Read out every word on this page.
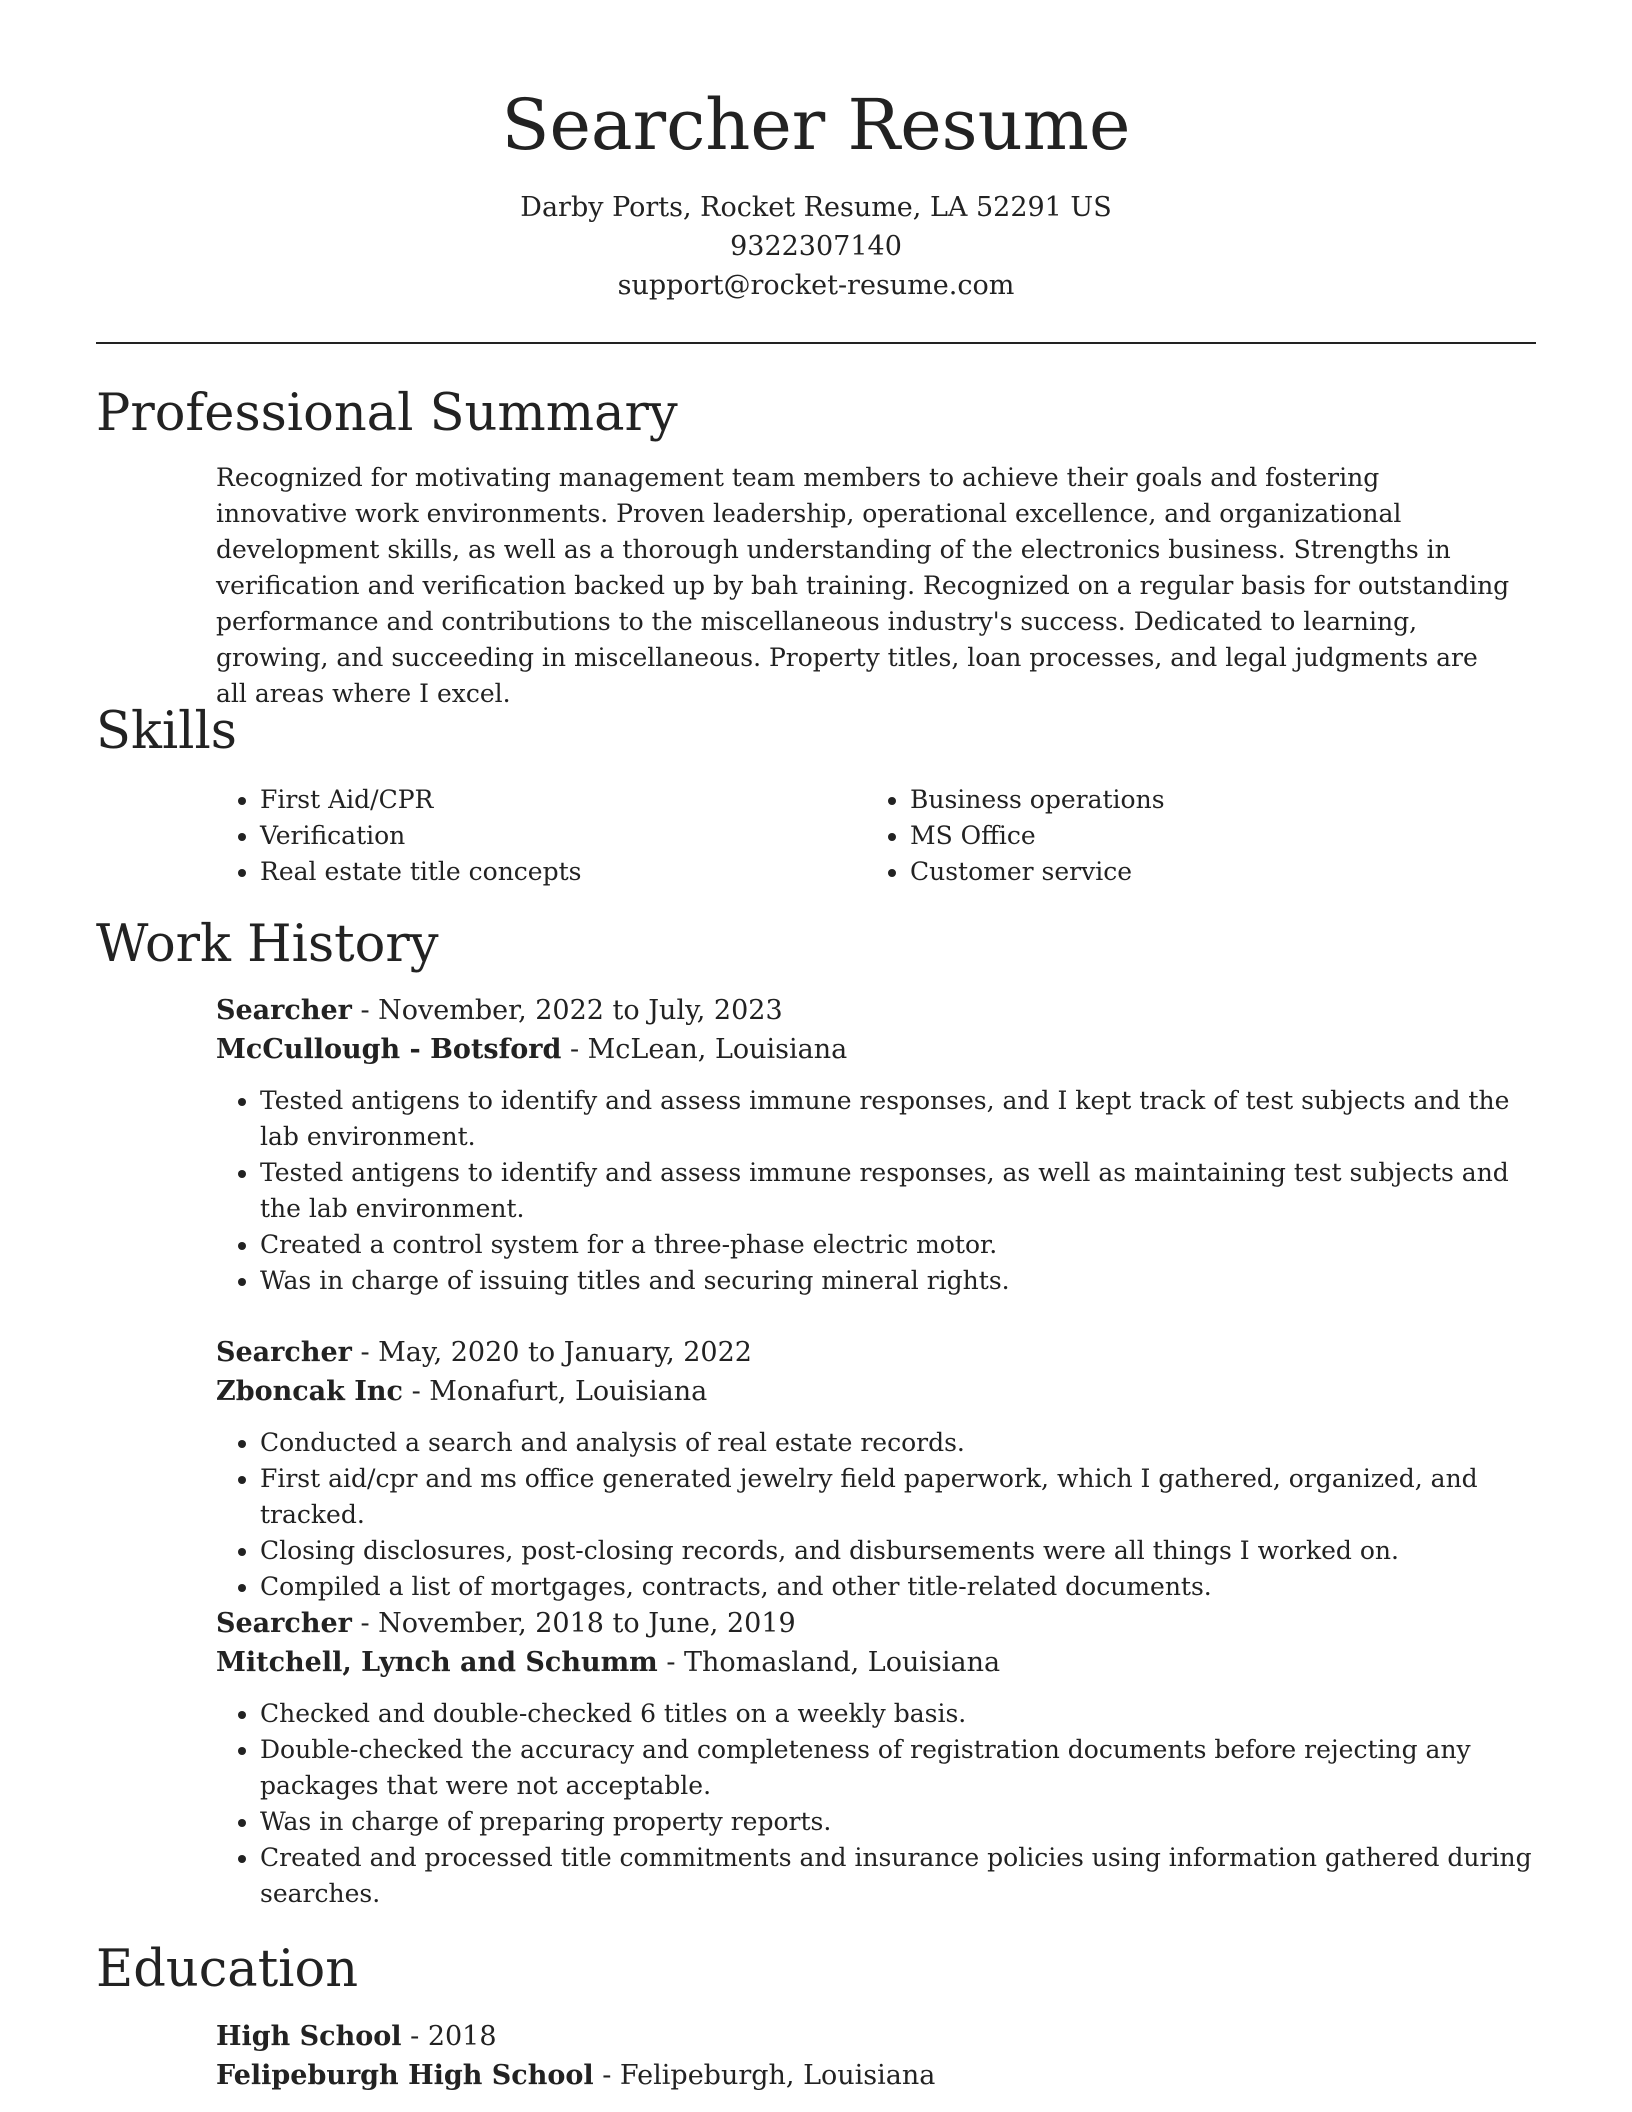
Searcher Resume
Darby Ports, Rocket Resume, LA 52291 US
9322307140
support@rocket-resume.com
Professional Summary

Recognized for motivating management team members to achieve their goals and fostering innovative work environments. Proven leadership, operational excellence, and organizational development skills, as well as a thorough understanding of the electronics business. Strengths in verification and verification backed up by bah training. Recognized on a regular basis for outstanding performance and contributions to the miscellaneous industry's success. Dedicated to learning, growing, and succeeding in miscellaneous. Property titles, loan processes, and legal judgments are all areas where I excel.

Skills
• First Aid/CPR
• Verification
• Real estate title concepts
• Business operations
• MS Office
• Customer service
Work History
Searcher - November, 2022 to July, 2023
McCullough - Botsford - McLean, Louisiana
• Tested antigens to identify and assess immune responses, and I kept track of test subjects and the lab environment.
• Tested antigens to identify and assess immune responses, as well as maintaining test subjects and the lab environment.
• Created a control system for a three-phase electric motor.
• Was in charge of issuing titles and securing mineral rights.
Searcher - May, 2020 to January, 2022
Zboncak Inc - Monafurt, Louisiana
• Conducted a search and analysis of real estate records.
• First aid/cpr and ms office generated jewelry field paperwork, which I gathered, organized, and tracked.
• Closing disclosures, post-closing records, and disbursements were all things I worked on.
• Compiled a list of mortgages, contracts, and other title-related documents.
Searcher - November, 2018 to June, 2019
Mitchell, Lynch and Schumm - Thomasland, Louisiana
• Checked and double-checked 6 titles on a weekly basis.
• Double-checked the accuracy and completeness of registration documents before rejecting any packages that were not acceptable.
• Was in charge of preparing property reports.
• Created and processed title commitments and insurance policies using information gathered during searches.
Education
High School - 2018
Felipeburgh High School - Felipeburgh, Louisiana
